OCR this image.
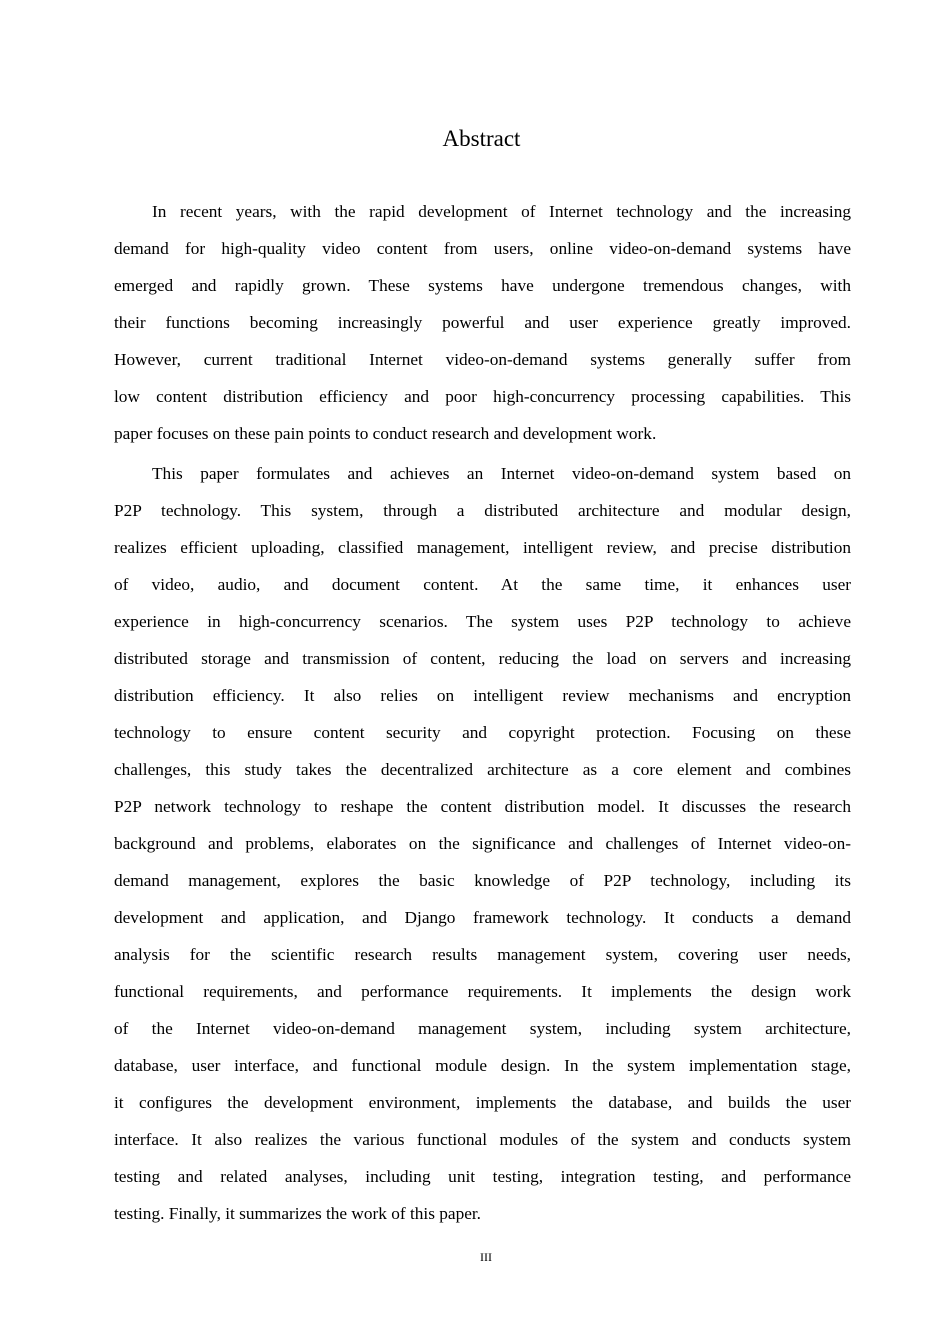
Abstract
In recent years, with the rapid development of Internet technology and the increasing
demand for high-quality video content from users, online video-on-demand systems have
emerged and rapidly grown. These systems have undergone tremendous changes, with
their functions becoming increasingly powerful and user experience greatly improved.
However, current traditional Internet video-on-demand systems generally suffer from
low content distribution efficiency and poor high-concurrency processing capabilities. This
paper focuses on these pain points to conduct research and development work.
This paper formulates and achieves an Internet video-on-demand system based on
P2P technology. This system, through a distributed architecture and modular design,
realizes efficient uploading, classified management, intelligent review, and precise distribution
of video, audio, and document content. At the same time, it enhances user
experience in high-concurrency scenarios. The system uses P2P technology to achieve
distributed storage and transmission of content, reducing the load on servers and increasing
distribution efficiency. It also relies on intelligent review mechanisms and encryption
technology to ensure content security and copyright protection. Focusing on these
challenges, this study takes the decentralized architecture as a core element and combines
P2P network technology to reshape the content distribution model. It discusses the research
background and problems, elaborates on the significance and challenges of Internet video-on-
demand management, explores the basic knowledge of P2P technology, including its
development and application, and Django framework technology. It conducts a demand
analysis for the scientific research results management system, covering user needs,
functional requirements, and performance requirements. It implements the design work
of the Internet video-on-demand management system, including system architecture,
database, user interface, and functional module design. In the system implementation stage,
it configures the development environment, implements the database, and builds the user
interface. It also realizes the various functional modules of the system and conducts system
testing and related analyses, including unit testing, integration testing, and performance
testing. Finally, it summarizes the work of this paper.
III
